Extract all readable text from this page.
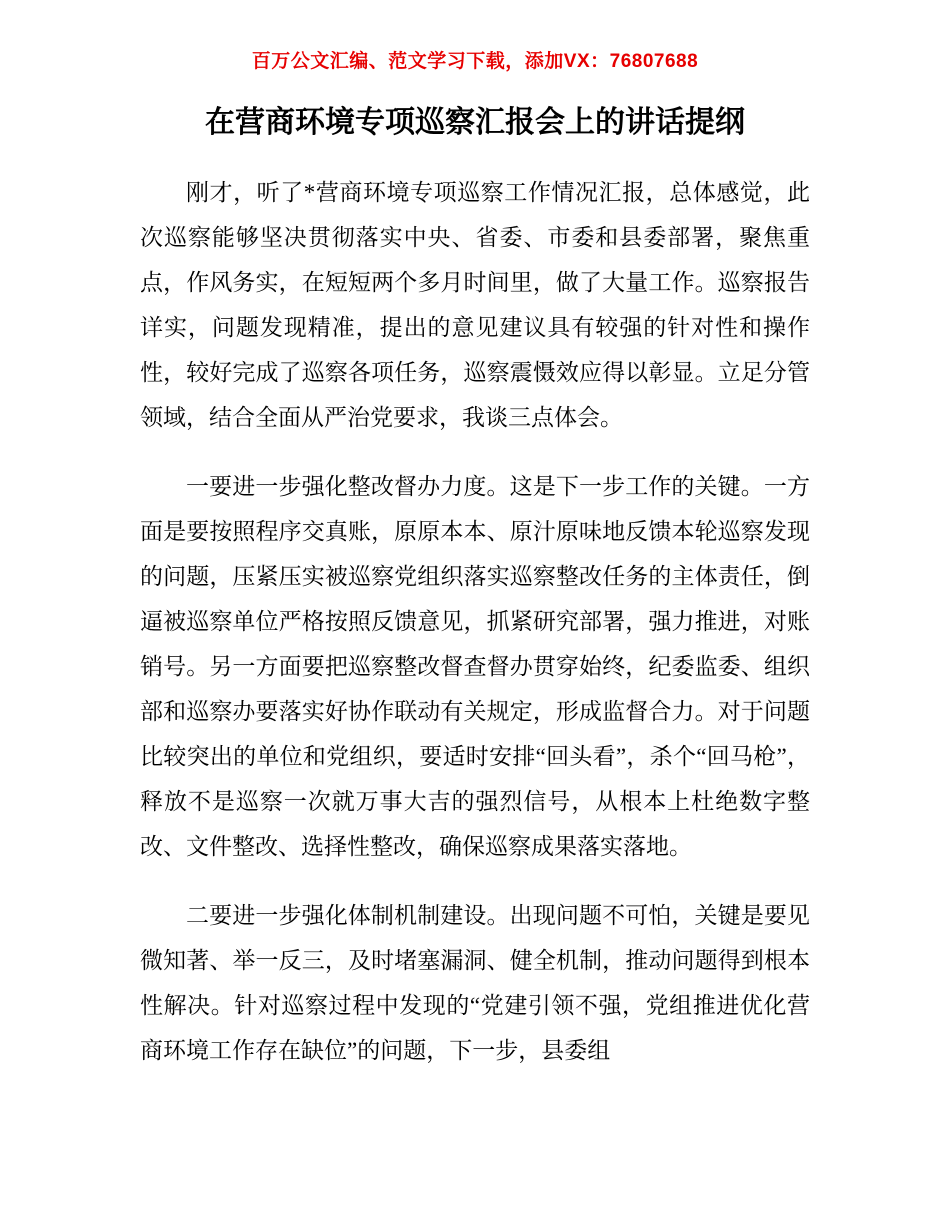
百万公文汇编、范文学习下载，添加VX：76807688
在营商环境专项巡察汇报会上的讲话提纲

刚才，听了*营商环境专项巡察工作情况汇报，总体感觉，此次巡察能够坚决贯彻落实中央、省委、市委和县委部署，聚焦重点，作风务实，在短短两个多月时间里，做了大量工作。巡察报告详实，问题发现精准，提出的意见建议具有较强的针对性和操作性，较好完成了巡察各项任务，巡察震慑效应得以彰显。立足分管领域，结合全面从严治党要求，我谈三点体会。

一要进一步强化整改督办力度。这是下一步工作的关键。一方面是要按照程序交真账，原原本本、原汁原味地反馈本轮巡察发现的问题，压紧压实被巡察党组织落实巡察整改任务的主体责任，倒逼被巡察单位严格按照反馈意见，抓紧研究部署，强力推进，对账销号。另一方面要把巡察整改督查督办贯穿始终，纪委监委、组织部和巡察办要落实好协作联动有关规定，形成监督合力。对于问题比较突出的单位和党组织，要适时安排“回头看”，杀个“回马枪”，释放不是巡察一次就万事大吉的强烈信号，从根本上杜绝数字整改、文件整改、选择性整改，确保巡察成果落实落地。

二要进一步强化体制机制建设。出现问题不可怕，关键是要见微知著、举一反三，及时堵塞漏洞、健全机制，推动问题得到根本性解决。针对巡察过程中发现的“党建引领不强，党组推进优化营商环境工作存在缺位”的问题，下一步，县委组
